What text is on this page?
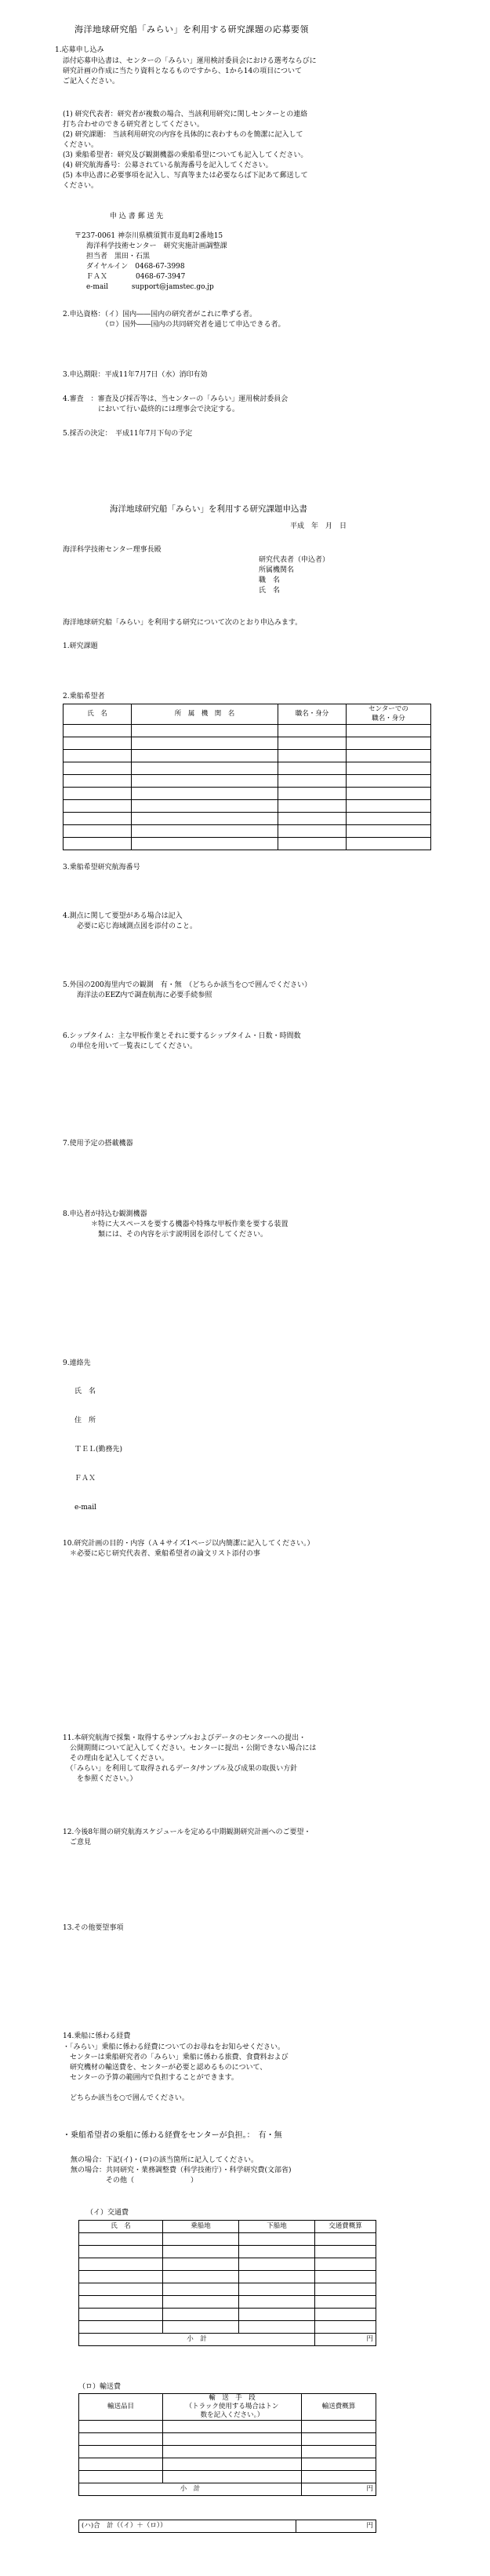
海洋地球研究船「みらい」を利用する研究課題の応募要領
1.応募申し込み
添付応募申込書は、センターの「みらい」運用検討委員会における選考ならびに
研究計画の作成に当たり資料となるものですから、1から14の項目について
ご記入ください。
(1) 研究代表者：研究者が複数の場合、当該利用研究に関しセンターとの連絡
打ち合わせのできる研究者としてください。
(2) 研究課題： 当該利用研究の内容を具体的に表わすものを簡潔に記入して
ください。
(3) 乗船希望者：研究及び観測機器の乗船希望についても記入してください。
(4) 研究航海番号：公募されている航海番号を記入してください。
(5) 本申込書に必要事項を記入し、写真等または必要ならば下記あて郵送して
ください。
申 込 書 郵 送 先
〒237-0061 神奈川県横須賀市夏島町2番地15
海洋科学技術センター　研究実施計画調整課
担当者　黒田・石黒
ダイヤルイン　0468-67-3998
ＦＡＸ　　　　0468-67-3947
e-mail　　　 support@jamstec.go.jp
2.申込資格：（イ）国内――国内の研究者がこれに準ずる者。
　　　　　　（ロ）国外――国内の共同研究者を通じて申込できる者。
3.申込期限：平成11年7月7日（水）消印有効
4.審査　：審査及び採否等は、当センターの「みらい」運用検討委員会
　　　　　において行い最終的には理事会で決定する。
5.採否の決定：　平成11年7月下旬の予定
海洋地球研究船「みらい」を利用する研究課題申込書
平成　年　月　日
海洋科学技術センター理事長殿
研究代表者（申込者）
所属機関名
職　名
氏　名
海洋地球研究船「みらい」を利用する研究について次のとおり申込みます。
1.研究課題
2.乗船希望者
氏　名	所　属　機　関　名	職名・身分	センターでの
職名・身分

3.乗船希望研究航海番号
4.測点に関して要望がある場合は記入
　　必要に応じ海域測点図を添付のこと。
5.外国の200海里内での観測　有・無　（どちらか該当を○で囲んでください）
　　海洋法のEEZ内で調査航海に必要手続参照
6.シップタイム：主な甲板作業とそれに要するシップタイム・日数・時間数
　の単位を用いて一覧表にしてください。
7.使用予定の搭載機器
8.申込者が持込む観測機器
　　　　＊特に大スペースを要する機器や特殊な甲板作業を要する装置
　　　　　類には、その内容を示す説明図を添付してください。
9.連絡先
氏　名
住　所
ＴＥＬ(勤務先)
ＦＡＸ
e-mail
10.研究計画の目的・内容（Ａ４サイズ1ページ以内簡潔に記入してください。）
　＊必要に応じ研究代表者、乗船希望者の論文リスト添付の事
11.本研究航海で採集・取得するサンプルおよびデータのセンターへの提出・
　公開期間について記入してください。センターに提出・公開できない場合には
　その理由を記入してください。
　（「みらい」を利用して取得されるデータ/サンプル及び成果の取扱い方針
　　を参照ください。）
12.今後8年間の研究航海スケジュールを定める中期観測研究計画へのご要望・
　ご意見
13.その他要望事項
14.乗船に係わる経費
・「みらい」乗船に係わる経費についてのお尋ねをお知らせください。
　センターは乗船研究者の「みらい」乗船に係わる旅費、食費料および
　研究機材の輸送費を、センターが必要と認めるものについて、
　センターの予算の範囲内で負担することができます。
　どちらか該当を○で囲んでください。
・乗船希望者の乗船に係わる経費をセンターが負担。：　有・無
無の場合：下記(イ)・(ロ)の該当箇所に記入してください。
無の場合：共同研究・業務調整費（科学技術庁）・科学研究費(文部省)
　　　　　その他（　　　　　　　　）
（イ）交通費
氏　名	乗船地	下船地	交通費概算

小　計			円
（ロ）輸送費
輸送品目	輸　送　手　段
（トラック使用する場合はトン
数を記入ください。）	輸送費概算

小　計		円
(ハ)合　計（（イ）＋（ロ））	円
